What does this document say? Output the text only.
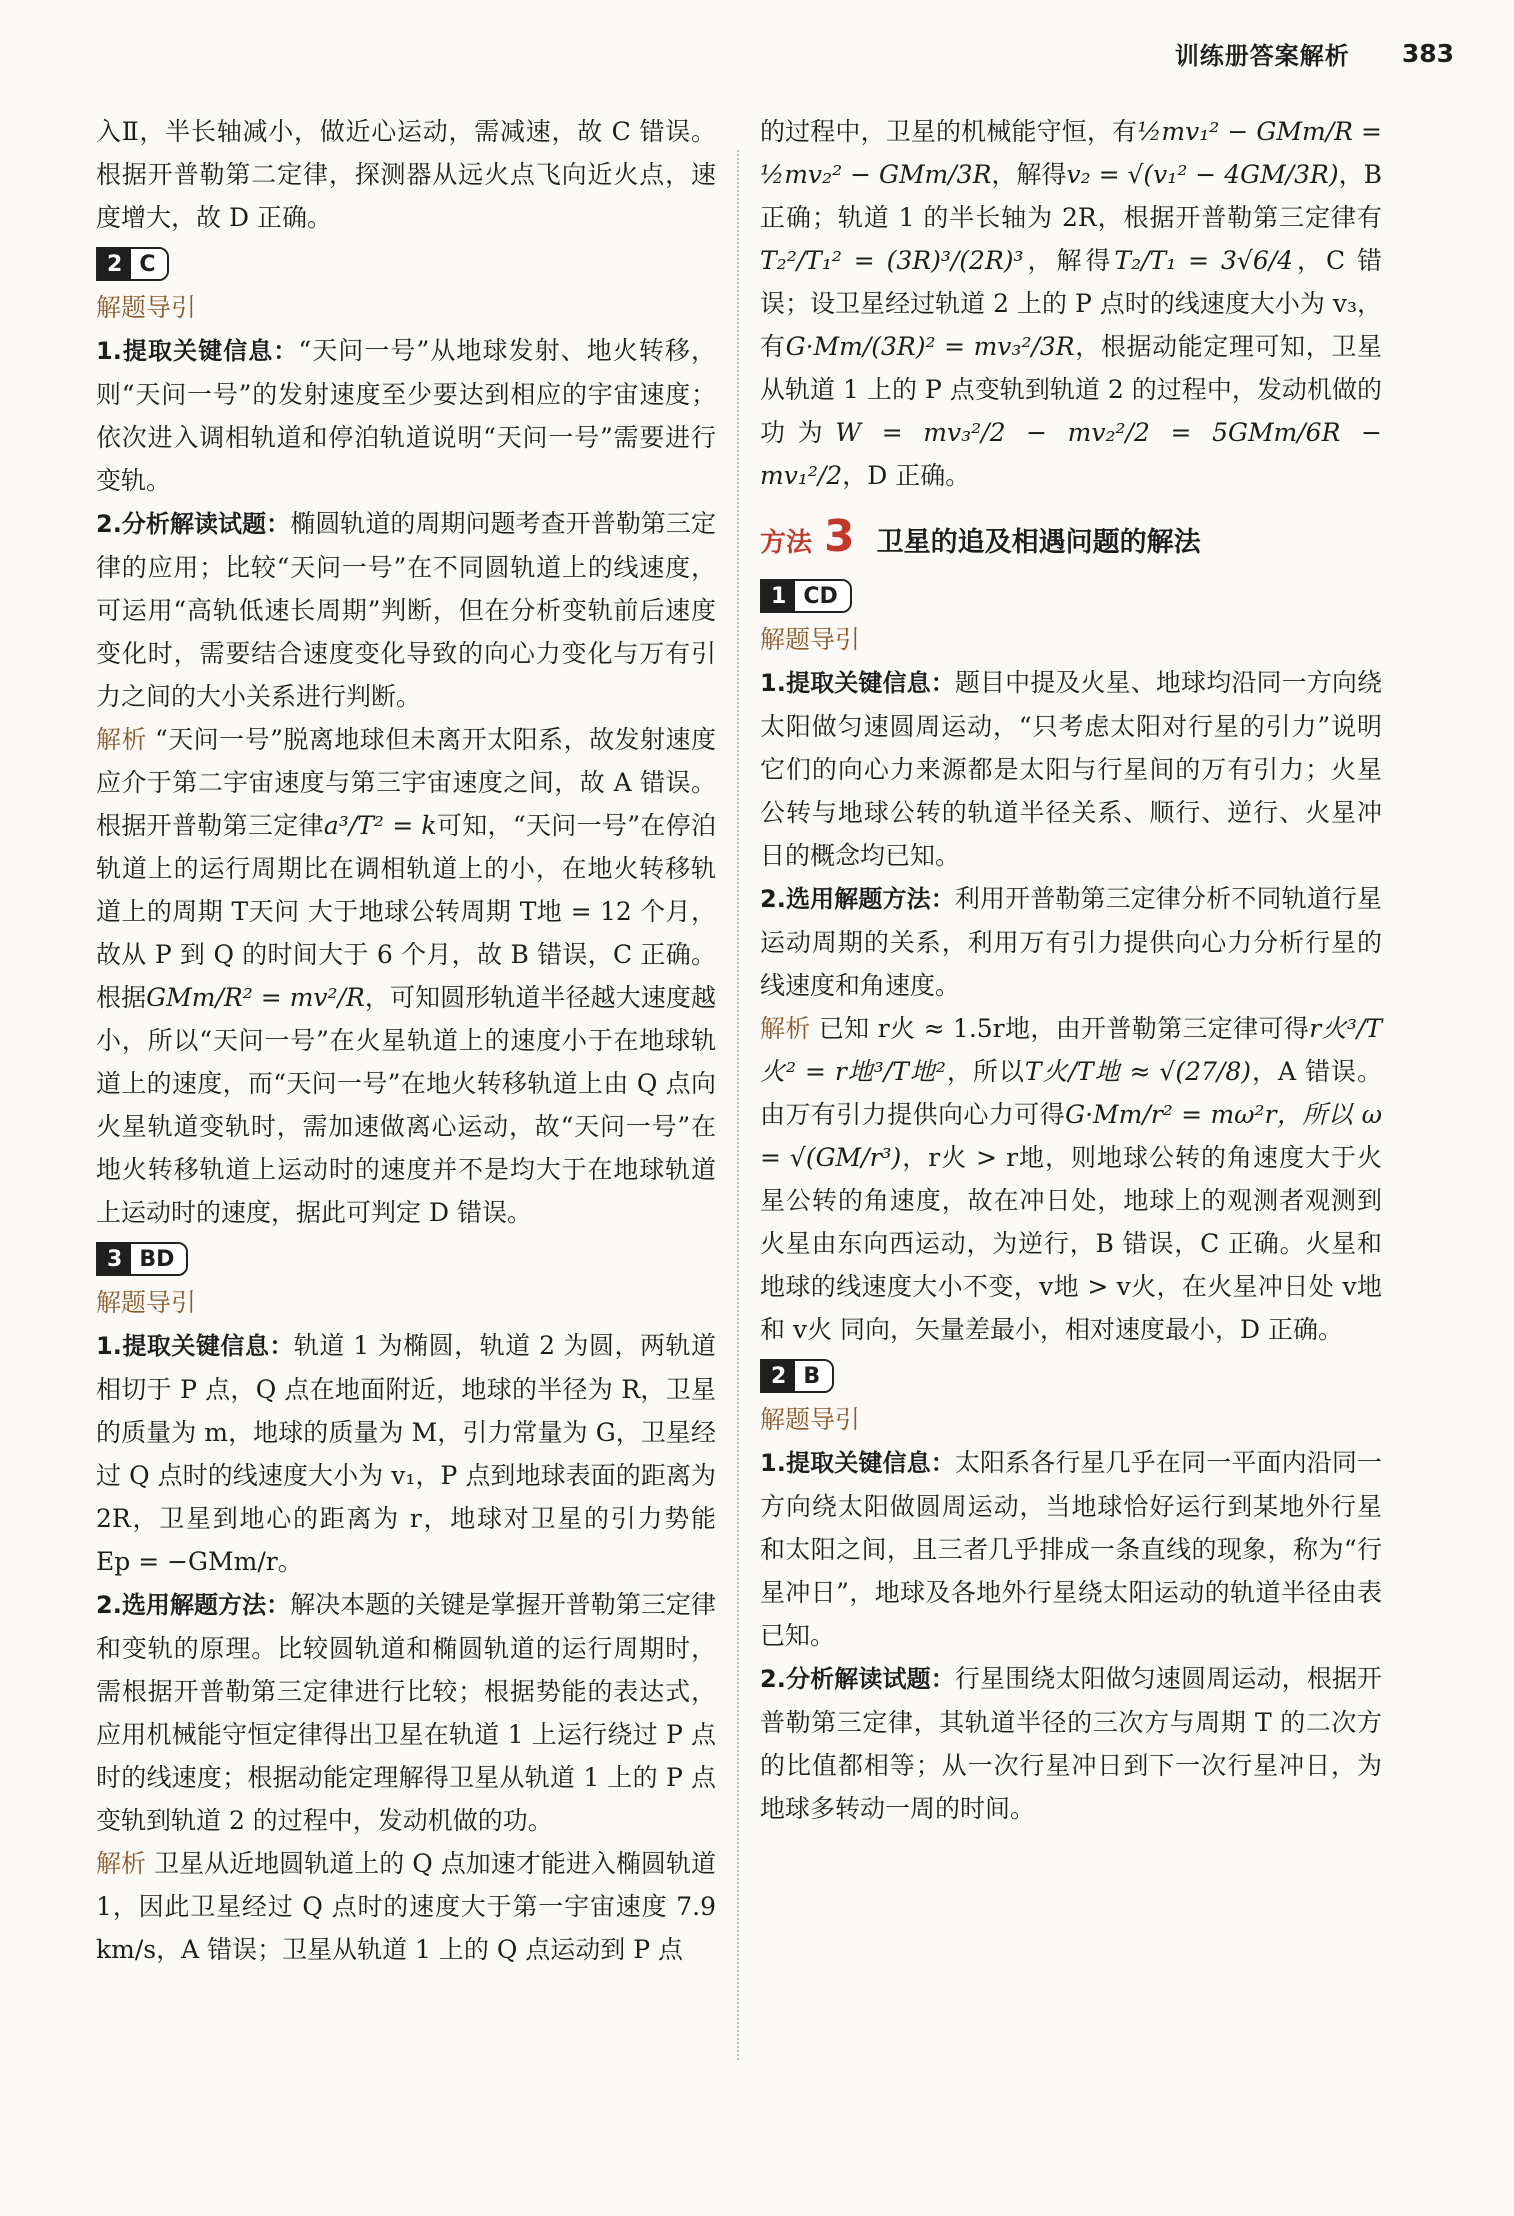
训练册答案解析 383

入Ⅱ，半长轴减小，做近心运动，需减速，故 C 错误。根据开普勒第二定律，探测器从远火点飞向近火点，速度增大，故 D 正确。

2 C
解题导引

1.提取关键信息：“天问一号”从地球发射、地火转移，则“天问一号”的发射速度至少要达到相应的宇宙速度；依次进入调相轨道和停泊轨道说明“天问一号”需要进行变轨。

2.分析解读试题：椭圆轨道的周期问题考查开普勒第三定律的应用；比较“天问一号”在不同圆轨道上的线速度，可运用“高轨低速长周期”判断，但在分析变轨前后速度变化时，需要结合速度变化导致的向心力变化与万有引力之间的大小关系进行判断。

解析 “天问一号”脱离地球但未离开太阳系，故发射速度应介于第二宇宙速度与第三宇宙速度之间，故 A 错误。根据开普勒第三定律a³/T² = k可知，“天问一号”在停泊轨道上的运行周期比在调相轨道上的小，在地火转移轨道上的周期 T天问 大于地球公转周期 T地 = 12 个月，故从 P 到 Q 的时间大于 6 个月，故 B 错误，C 正确。根据GMm/R² = mv²/R，可知圆形轨道半径越大速度越小，所以“天问一号”在火星轨道上的速度小于在地球轨道上的速度，而“天问一号”在地火转移轨道上由 Q 点向火星轨道变轨时，需加速做离心运动，故“天问一号”在地火转移轨道上运动时的速度并不是均大于在地球轨道上运动时的速度，据此可判定 D 错误。

3 BD
解题导引

1.提取关键信息：轨道 1 为椭圆，轨道 2 为圆，两轨道相切于 P 点，Q 点在地面附近，地球的半径为 R，卫星的质量为 m，地球的质量为 M，引力常量为 G，卫星经过 Q 点时的线速度大小为 v₁，P 点到地球表面的距离为 2R，卫星到地心的距离为 r，地球对卫星的引力势能 Ep = −GMm/r。

2.选用解题方法：解决本题的关键是掌握开普勒第三定律和变轨的原理。比较圆轨道和椭圆轨道的运行周期时，需根据开普勒第三定律进行比较；根据势能的表达式，应用机械能守恒定律得出卫星在轨道 1 上运行绕过 P 点时的线速度；根据动能定理解得卫星从轨道 1 上的 P 点变轨到轨道 2 的过程中，发动机做的功。

解析 卫星从近地圆轨道上的 Q 点加速才能进入椭圆轨道 1，因此卫星经过 Q 点时的速度大于第一宇宙速度 7.9 km/s，A 错误；卫星从轨道 1 上的 Q 点运动到 P 点

的过程中，卫星的机械能守恒，有½mv₁² − GMm/R = ½mv₂² − GMm/3R，解得v₂ = √(v₁² − 4GM/3R)，B 正确；轨道 1 的半长轴为 2R，根据开普勒第三定律有T₂²/T₁² = (3R)³/(2R)³，解得T₂/T₁ = 3√6/4，C 错误；设卫星经过轨道 2 上的 P 点时的线速度大小为 v₃，有G·Mm/(3R)² = mv₃²/3R，根据动能定理可知，卫星从轨道 1 上的 P 点变轨到轨道 2 的过程中，发动机做的功为W = mv₃²/2 − mv₂²/2 = 5GMm/6R − mv₁²/2，D 正确。

方法 3 卫星的追及相遇问题的解法
1 CD
解题导引

1.提取关键信息：题目中提及火星、地球均沿同一方向绕太阳做匀速圆周运动，“只考虑太阳对行星的引力”说明它们的向心力来源都是太阳与行星间的万有引力；火星公转与地球公转的轨道半径关系、顺行、逆行、火星冲日的概念均已知。

2.选用解题方法：利用开普勒第三定律分析不同轨道行星运动周期的关系，利用万有引力提供向心力分析行星的线速度和角速度。

解析 已知 r火 ≈ 1.5r地，由开普勒第三定律可得r火³/T火² = r地³/T地²，所以T火/T地 ≈ √(27/8)，A 错误。由万有引力提供向心力可得G·Mm/r² = mω²r，所以 ω = √(GM/r³)，r火 > r地，则地球公转的角速度大于火星公转的角速度，故在冲日处，地球上的观测者观测到火星由东向西运动，为逆行，B 错误，C 正确。火星和地球的线速度大小不变，v地 > v火，在火星冲日处 v地 和 v火 同向，矢量差最小，相对速度最小，D 正确。

2 B
解题导引

1.提取关键信息：太阳系各行星几乎在同一平面内沿同一方向绕太阳做圆周运动，当地球恰好运行到某地外行星和太阳之间，且三者几乎排成一条直线的现象，称为“行星冲日”，地球及各地外行星绕太阳运动的轨道半径由表已知。

2.分析解读试题：行星围绕太阳做匀速圆周运动，根据开普勒第三定律，其轨道半径的三次方与周期 T 的二次方的比值都相等；从一次行星冲日到下一次行星冲日，为地球多转动一周的时间。
